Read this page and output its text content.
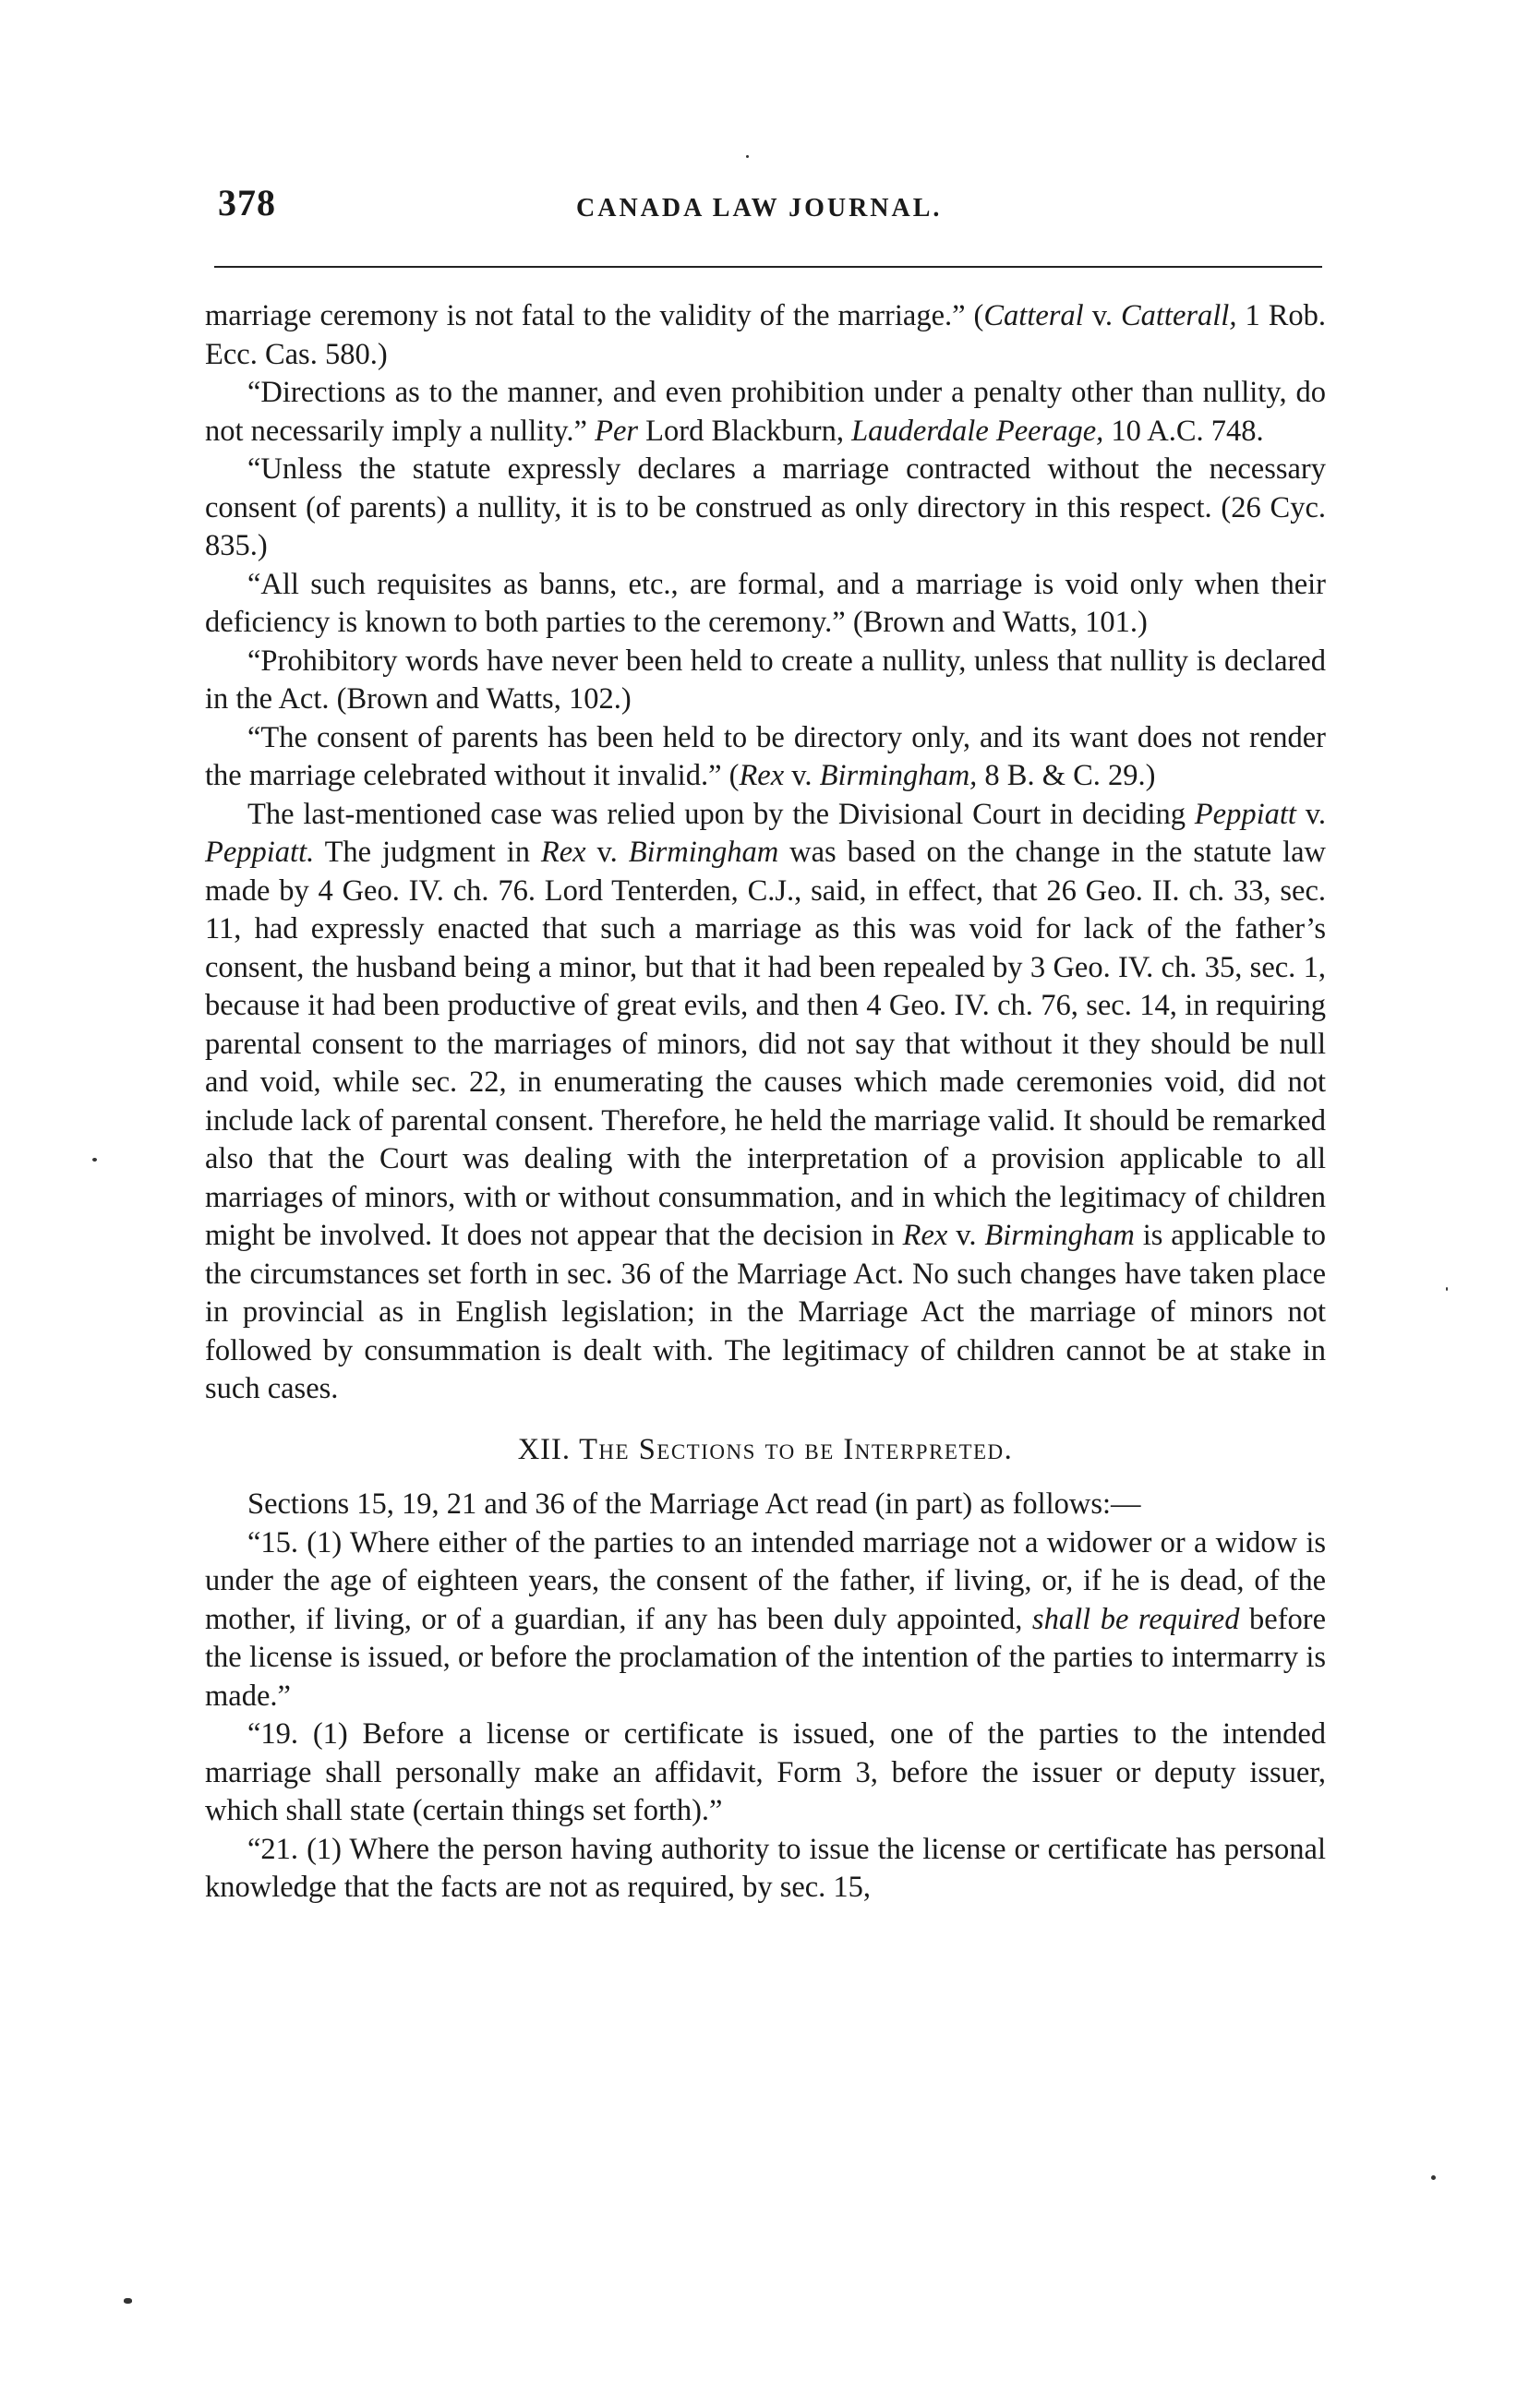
378	CANADA LAW JOURNAL.

marriage ceremony is not fatal to the validity of the marriage.” (Catteral v. Catterall, 1 Rob. Ecc. Cas. 580.)

“Directions as to the manner, and even prohibition under a penalty other than nullity, do not necessarily imply a nullity.” Per Lord Blackburn, Lauderdale Peerage, 10 A.C. 748.

“Unless the statute expressly declares a marriage contracted without the necessary consent (of parents) a nullity, it is to be construed as only directory in this respect. (26 Cyc. 835.)

“All such requisites as banns, etc., are formal, and a marriage is void only when their deficiency is known to both parties to the ceremony.” (Brown and Watts, 101.)

“Prohibitory words have never been held to create a nullity, unless that nullity is declared in the Act. (Brown and Watts, 102.)

“The consent of parents has been held to be directory only, and its want does not render the marriage celebrated without it invalid.” (Rex v. Birmingham, 8 B. & C. 29.)

The last-mentioned case was relied upon by the Divisional Court in deciding Peppiatt v. Peppiatt. The judgment in Rex v. Birmingham was based on the change in the statute law made by 4 Geo. IV. ch. 76. Lord Tenterden, C.J., said, in effect, that 26 Geo. II. ch. 33, sec. 11, had expressly enacted that such a marriage as this was void for lack of the father’s consent, the husband being a minor, but that it had been repealed by 3 Geo. IV. ch. 35, sec. 1, because it had been productive of great evils, and then 4 Geo. IV. ch. 76, sec. 14, in requiring parental consent to the marriages of minors, did not say that without it they should be null and void, while sec. 22, in enumerating the causes which made ceremonies void, did not include lack of parental consent. Therefore, he held the marriage valid. It should be remarked also that the Court was dealing with the interpretation of a provision applicable to all marriages of minors, with or without consummation, and in which the legitimacy of children might be involved. It does not appear that the decision in Rex v. Birmingham is applicable to the circumstances set forth in sec. 36 of the Marriage Act. No such changes have taken place in provincial as in English legislation; in the Marriage Act the marriage of minors not followed by consummation is dealt with. The legitimacy of children cannot be at stake in such cases.

XII. The Sections to be Interpreted.

Sections 15, 19, 21 and 36 of the Marriage Act read (in part) as follows:—

“15. (1) Where either of the parties to an intended marriage not a widower or a widow is under the age of eighteen years, the consent of the father, if living, or, if he is dead, of the mother, if living, or of a guardian, if any has been duly appointed, shall be required before the license is issued, or before the proclamation of the intention of the parties to intermarry is made.”

“19. (1) Before a license or certificate is issued, one of the parties to the intended marriage shall personally make an affidavit, Form 3, before the issuer or deputy issuer, which shall state (certain things set forth).”

“21. (1) Where the person having authority to issue the license or certificate has personal knowledge that the facts are not as required, by sec. 15,
